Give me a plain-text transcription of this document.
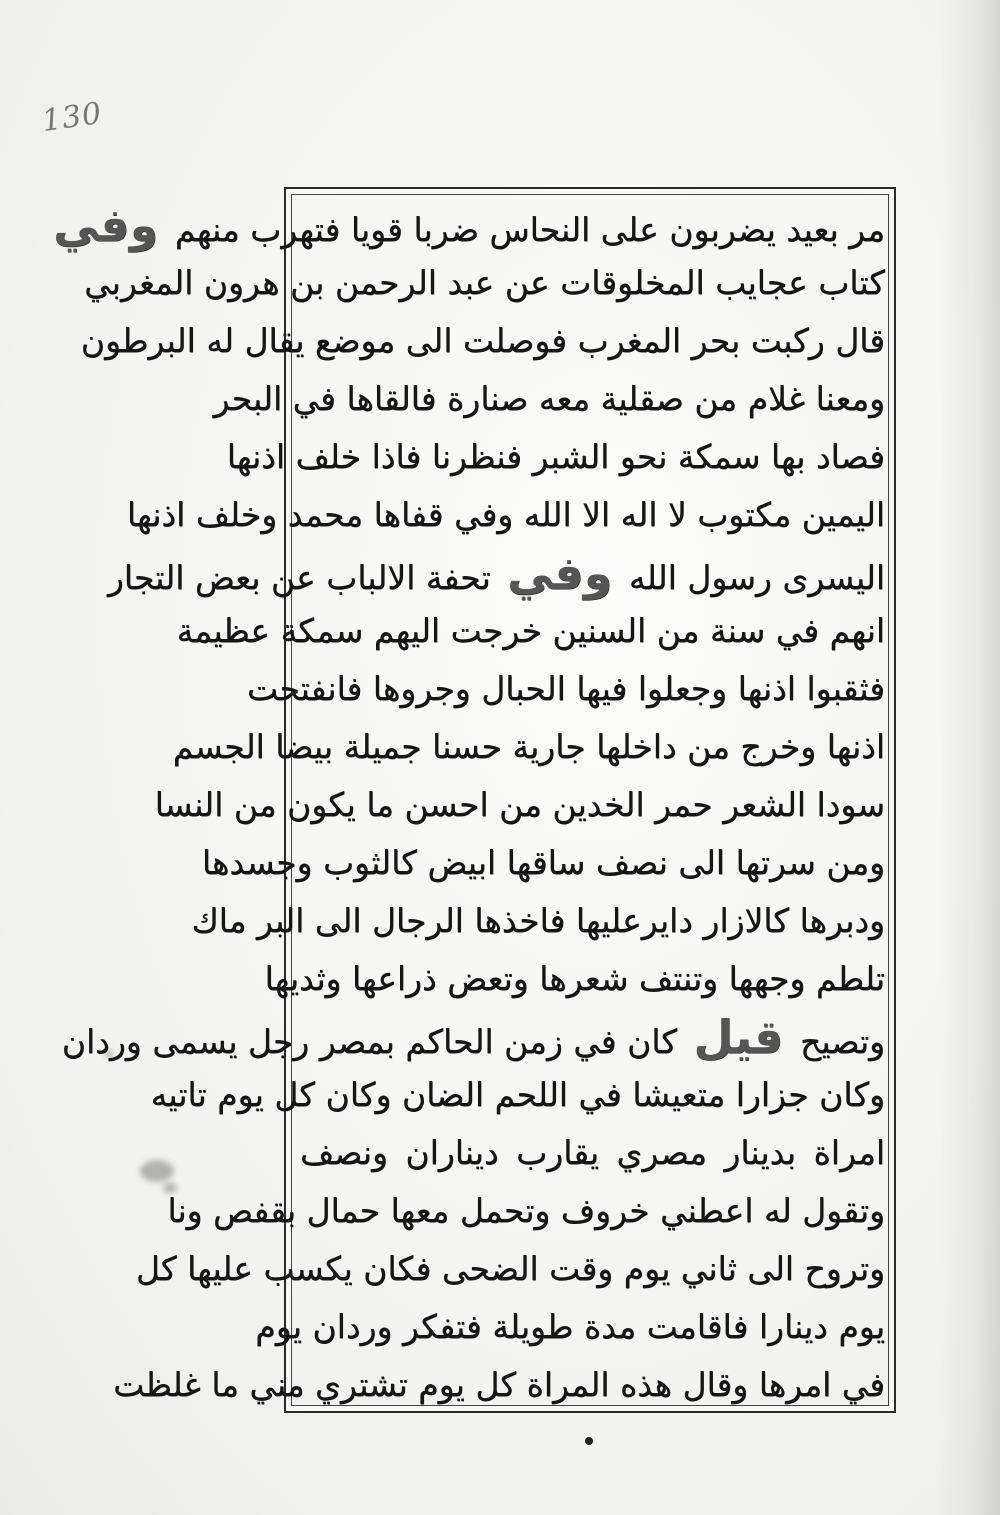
130
مر بعيد يضربون على النحاس ضربا قويا فتهرب منهم وفي
كتاب عجايب المخلوقات عن عبد الرحمن بن هرون المغربي
قال ركبت بحر المغرب فوصلت الى موضع يقال له البرطون
ومعنا غلام من صقلية معه صنارة فالقاها في البحر
فصاد بها سمكة نحو الشبر فنظرنا فاذا خلف اذنها
اليمين مكتوب لا اله الا الله وفي قفاها محمد وخلف اذنها
اليسرى رسول الله وفي تحفة الالباب عن بعض التجار
انهم في سنة من السنين خرجت اليهم سمكة عظيمة
فثقبوا اذنها وجعلوا فيها الحبال وجروها فانفتحت
اذنها وخرج من داخلها جارية حسنا جميلة بيضا الجسم
سودا الشعر حمر الخدين من احسن ما يكون من النسا
ومن سرتها الى نصف ساقها ابيض كالثوب وجسدها
ودبرها كالازار دايرعليها فاخذها الرجال الى البر ماك
تلطم وجهها وتنتف شعرها وتعض ذراعها وثديها
وتصيح قيل كان في زمن الحاكم بمصر رجل يسمى وردان
وكان جزارا متعيشا في اللحم الضان وكان كل يوم تاتيه
امراة بدينار مصري يقارب ديناران ونصف
وتقول له اعطني خروف وتحمل معها حمال بقفص ونا
وتروح الى ثاني يوم وقت الضحى فكان يكسب عليها كل
يوم دينارا فاقامت مدة طويلة فتفكر وردان يوم
في امرها وقال هذه المراة كل يوم تشتري مني ما غلظت
